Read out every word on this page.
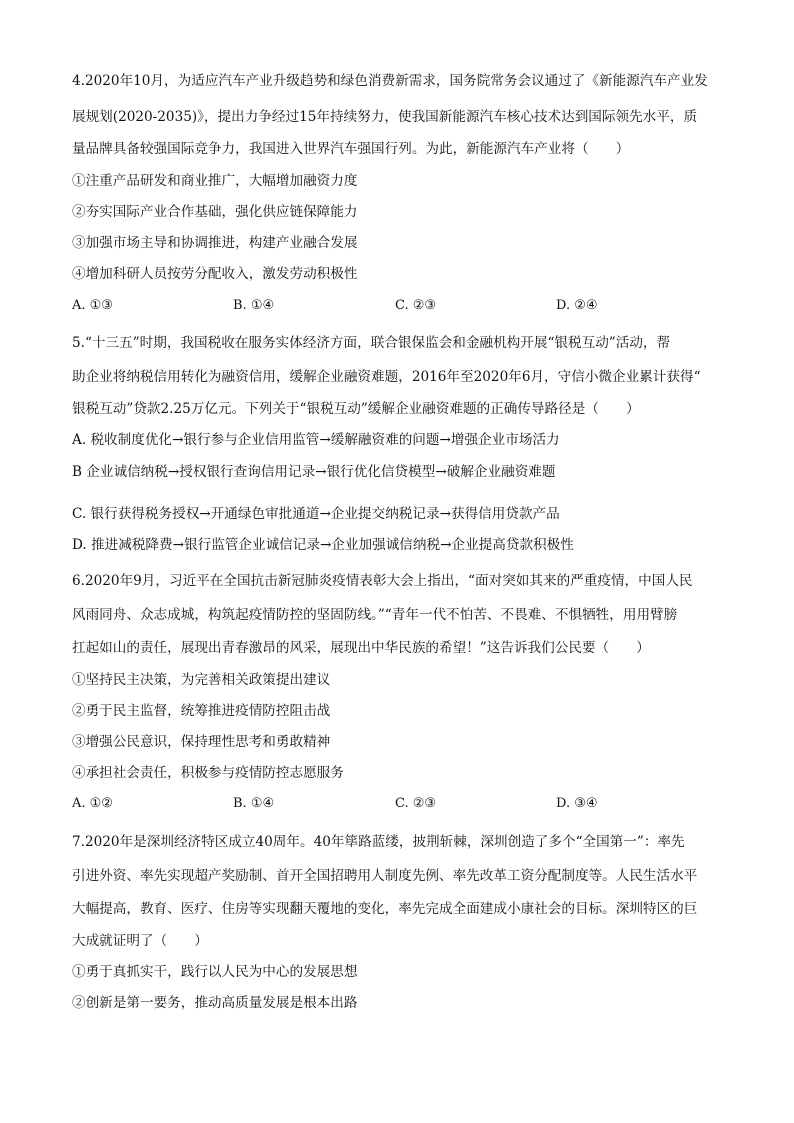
4.2020年10月，为适应汽车产业升级趋势和绿色消费新需求，国务院常务会议通过了《新能源汽车产业发
展规划(2020-2035)》，提出力争经过15年持续努力，使我国新能源汽车核心技术达到国际领先水平，质
量品牌具备较强国际竞争力，我国进入世界汽车强国行列。为此，新能源汽车产业将（　　）
①注重产品研发和商业推广，大幅增加融资力度
②夯实国际产业合作基础，强化供应链保障能力
③加强市场主导和协调推进，构建产业融合发展
④增加科研人员按劳分配收入，激发劳动积极性
A. ①③	B. ①④	C. ②③	D. ②④
5.“十三五”时期，我国税收在服务实体经济方面，联合银保监会和金融机构开展“银税互动”活动，帮
助企业将纳税信用转化为融资信用，缓解企业融资难题，2016年至2020年6月，守信小微企业累计获得“
银税互动”贷款2.25万亿元。下列关于“银税互动”缓解企业融资难题的正确传导路径是（　　）
A. 税收制度优化→银行参与企业信用监管→缓解融资难的问题→增强企业市场活力
B 企业诚信纳税→授权银行查询信用记录→银行优化信贷模型→破解企业融资难题
C. 银行获得税务授权→开通绿色审批通道→企业提交纳税记录→获得信用贷款产品
D. 推进减税降费→银行监管企业诚信记录→企业加强诚信纳税→企业提高贷款积极性
6.2020年9月，习近平在全国抗击新冠肺炎疫情表彰大会上指出，“面对突如其来的严重疫情，中国人民
风雨同舟、众志成城，构筑起疫情防控的坚固防线。”“青年一代不怕苦、不畏难、不惧牺牲，用用臂膀
扛起如山的责任，展现出青春激昂的风采，展现出中华民族的希望！”这告诉我们公民要（　　）
①坚持民主决策，为完善相关政策提出建议
②勇于民主监督，统筹推进疫情防控阻击战
③增强公民意识，保持理性思考和勇敢精神
④承担社会责任，积极参与疫情防控志愿服务
A. ①②	B. ①④	C. ②③	D. ③④
7.2020年是深圳经济特区成立40周年。40年筚路蓝缕，披荆斩棘，深圳创造了多个“全国第一”：率先
引进外资、率先实现超产奖励制、首开全国招聘用人制度先例、率先改革工资分配制度等。人民生活水平
大幅提高，教育、医疗、住房等实现翻天覆地的变化，率先完成全面建成小康社会的目标。深圳特区的巨
大成就证明了（　　）
①勇于真抓实干，践行以人民为中心的发展思想
②创新是第一要务，推动高质量发展是根本出路
